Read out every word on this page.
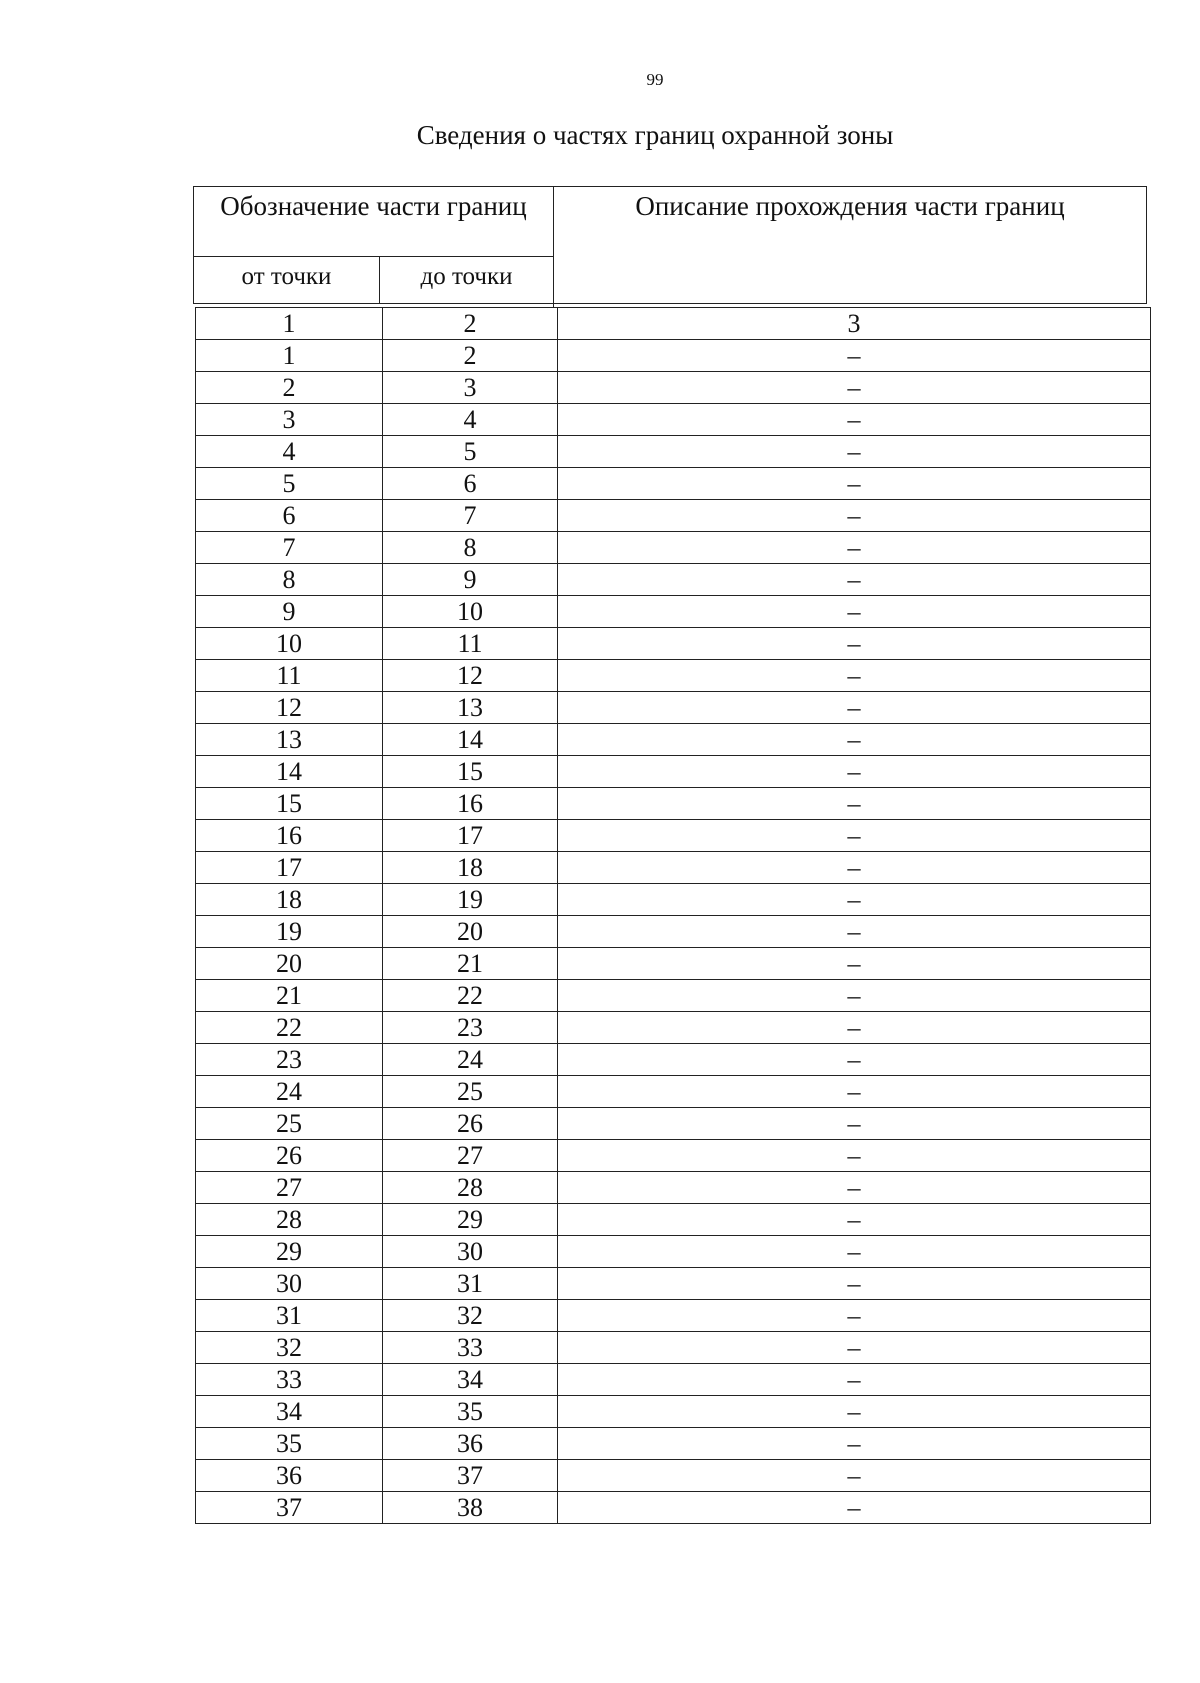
99
Сведения о частях границ охранной зоны
Обозначение части границ
от точки	до точки
Описание прохождения части границ
1	2	3
1	2	–
2	3	–
3	4	–
4	5	–
5	6	–
6	7	–
7	8	–
8	9	–
9	10	–
10	11	–
11	12	–
12	13	–
13	14	–
14	15	–
15	16	–
16	17	–
17	18	–
18	19	–
19	20	–
20	21	–
21	22	–
22	23	–
23	24	–
24	25	–
25	26	–
26	27	–
27	28	–
28	29	–
29	30	–
30	31	–
31	32	–
32	33	–
33	34	–
34	35	–
35	36	–
36	37	–
37	38	–
